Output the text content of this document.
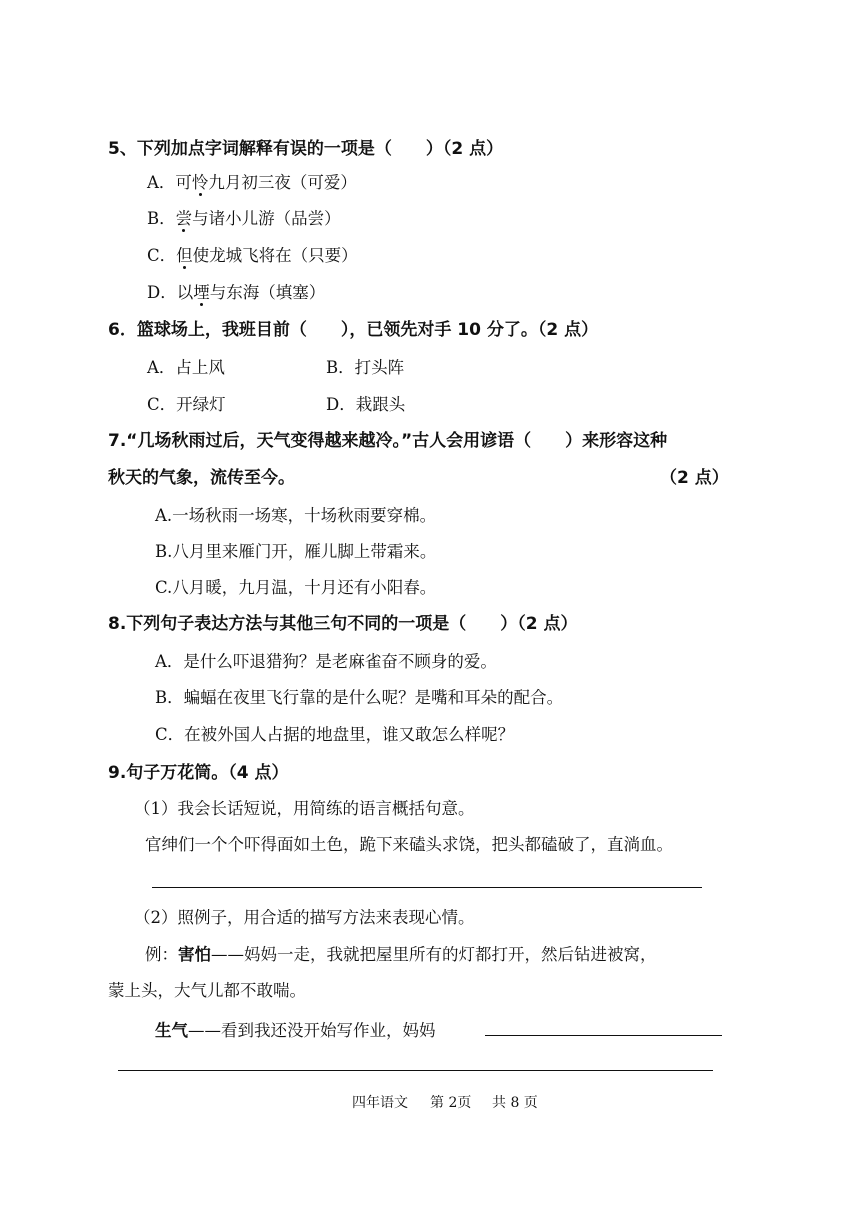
5、下列加点字词解释有误的一项是（　　）（2 点）
A．可怜九月初三夜（可爱）
B．尝与诸小儿游（品尝）
C．但使龙城飞将在（只要）
D．以堙与东海（填塞）
6．篮球场上，我班目前（　　），已领先对手 10 分了。（2 点）
A．占上风	B．打头阵
C．开绿灯	D．栽跟头
7.“几场秋雨过后，天气变得越来越冷。”古人会用谚语（　　）来形容这种
秋天的气象，流传至今。	（2 点）
A.一场秋雨一场寒，十场秋雨要穿棉。
B.八月里来雁门开，雁儿脚上带霜来。
C.八月暖，九月温，十月还有小阳春。
8.下列句子表达方法与其他三句不同的一项是（　　）（2 点）
A．是什么吓退猎狗？是老麻雀奋不顾身的爱。
B．蝙蝠在夜里飞行靠的是什么呢？是嘴和耳朵的配合。
C．在被外国人占据的地盘里，谁又敢怎么样呢？
9.句子万花筒。（4 点）
（1）我会长话短说，用简练的语言概括句意。
官绅们一个个吓得面如土色，跪下来磕头求饶，把头都磕破了，直淌血。
（2）照例子，用合适的描写方法来表现心情。
例：害怕——妈妈一走，我就把屋里所有的灯都打开，然后钻进被窝，
蒙上头，大气儿都不敢喘。
生气——看到我还没开始写作业，妈妈
四年语文 第 2页 共 8 页
